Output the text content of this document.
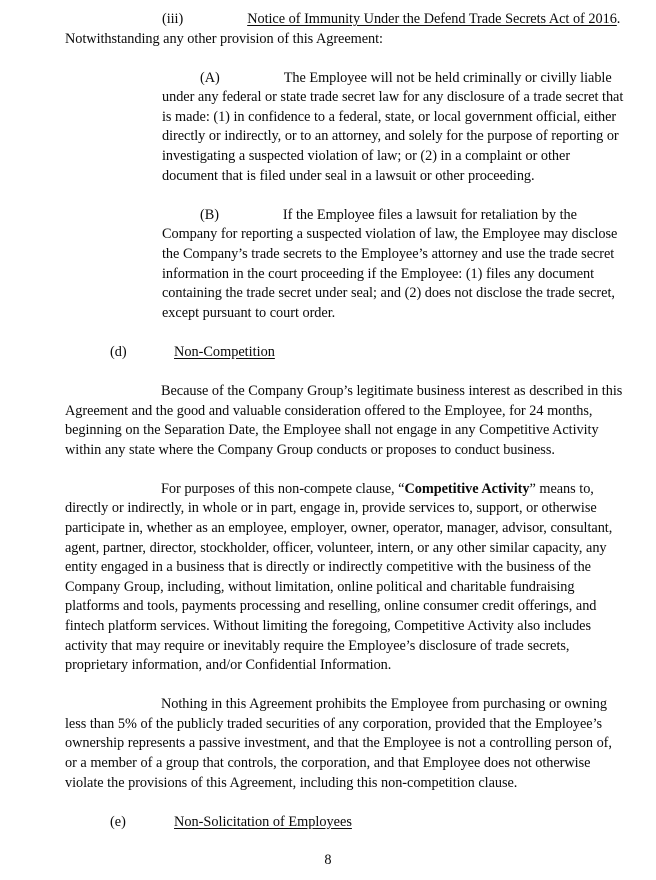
(iii)	Notice of Immunity Under the Defend Trade Secrets Act of 2016. Notwithstanding any other provision of this Agreement:

(A)	The Employee will not be held criminally or civilly liable under any federal or state trade secret law for any disclosure of a trade secret that is made: (1) in confidence to a federal, state, or local government official, either directly or indirectly, or to an attorney, and solely for the purpose of reporting or investigating a suspected violation of law; or (2) in a complaint or other document that is filed under seal in a lawsuit or other proceeding.

(B)	If the Employee files a lawsuit for retaliation by the Company for reporting a suspected violation of law, the Employee may disclose the Company’s trade secrets to the Employee’s attorney and use the trade secret information in the court proceeding if the Employee: (1) files any document containing the trade secret under seal; and (2) does not disclose the trade secret, except pursuant to court order.

(d)	Non-Competition

Because of the Company Group’s legitimate business interest as described in this Agreement and the good and valuable consideration offered to the Employee, for 24 months, beginning on the Separation Date, the Employee shall not engage in any Competitive Activity within any state where the Company Group conducts or proposes to conduct business.

For purposes of this non-compete clause, “Competitive Activity” means to, directly or indirectly, in whole or in part, engage in, provide services to, support, or otherwise participate in, whether as an employee, employer, owner, operator, manager, advisor, consultant, agent, partner, director, stockholder, officer, volunteer, intern, or any other similar capacity, any entity engaged in a business that is directly or indirectly competitive with the business of the Company Group, including, without limitation, online political and charitable fundraising platforms and tools, payments processing and reselling, online consumer credit offerings, and fintech platform services. Without limiting the foregoing, Competitive Activity also includes activity that may require or inevitably require the Employee’s disclosure of trade secrets, proprietary information, and/or Confidential Information.

Nothing in this Agreement prohibits the Employee from purchasing or owning less than 5% of the publicly traded securities of any corporation, provided that the Employee’s ownership represents a passive investment, and that the Employee is not a controlling person of, or a member of a group that controls, the corporation, and that Employee does not otherwise violate the provisions of this Agreement, including this non-competition clause.

(e)	Non-Solicitation of Employees
8
